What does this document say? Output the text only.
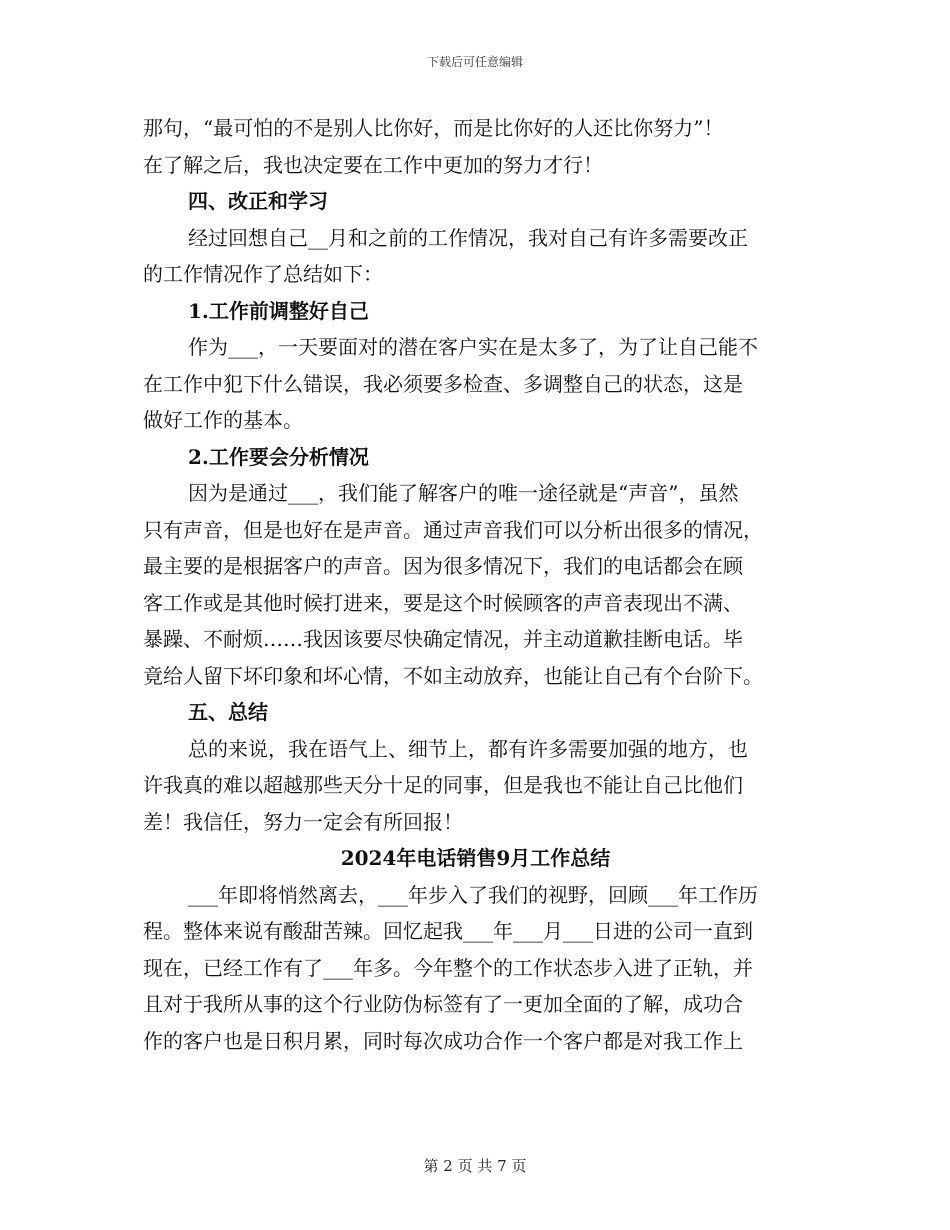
下载后可任意编辑
那句，“最可怕的不是别人比你好，而是比你好的人还比你努力”！
在了解之后，我也决定要在工作中更加的努力才行！
四、改正和学习
经过回想自己__月和之前的工作情况，我对自己有许多需要改正
的工作情况作了总结如下：
1.工作前调整好自己
作为___，一天要面对的潜在客户实在是太多了，为了让自己能不
在工作中犯下什么错误，我必须要多检查、多调整自己的状态，这是
做好工作的基本。
2.工作要会分析情况
因为是通过___，我们能了解客户的唯一途径就是“声音”，虽然
只有声音，但是也好在是声音。通过声音我们可以分析出很多的情况，
最主要的是根据客户的声音。因为很多情况下，我们的电话都会在顾
客工作或是其他时候打进来，要是这个时候顾客的声音表现出不满、
暴躁、不耐烦……我因该要尽快确定情况，并主动道歉挂断电话。毕
竟给人留下坏印象和坏心情，不如主动放弃，也能让自己有个台阶下。
五、总结
总的来说，我在语气上、细节上，都有许多需要加强的地方，也
许我真的难以超越那些天分十足的同事，但是我也不能让自己比他们
差！我信任，努力一定会有所回报！
2024年电话销售9月工作总结
___年即将悄然离去，___年步入了我们的视野，回顾___年工作历
程。整体来说有酸甜苦辣。回忆起我___年___月___日进的公司一直到
现在，已经工作有了___年多。今年整个的工作状态步入进了正轨，并
且对于我所从事的这个行业防伪标签有了一更加全面的了解，成功合
作的客户也是日积月累，同时每次成功合作一个客户都是对我工作上
第 2 页 共 7 页
